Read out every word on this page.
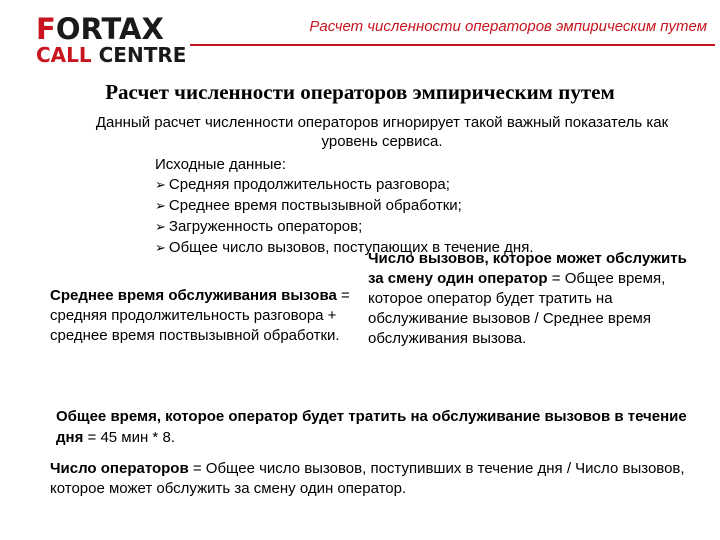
FORTAX
CALL CENTRE
Расчет численности операторов эмпирическим путем
Расчет численности операторов эмпирическим путем
Данный расчет численности операторов игнорирует такой важный показатель как уровень сервиса.
Исходные данные:
➢ Средняя продолжительность разговора;
➢ Среднее время поствызывной обработки;
➢ Загруженность операторов;
➢ Общее число вызовов, поступающих в течение дня.
Среднее время обслуживания вызова = средняя продолжительность разговора + среднее время поствызывной обработки.
Число вызовов, которое может обслужить за смену один оператор = Общее время, которое оператор будет тратить на обслуживание вызовов / Среднее время обслуживания вызова.
Общее время, которое оператор будет тратить на обслуживание вызовов в течение дня = 45 мин * 8.
Число операторов = Общее число вызовов, поступивших в течение дня / Число вызовов, которое может обслужить за смену один оператор.
